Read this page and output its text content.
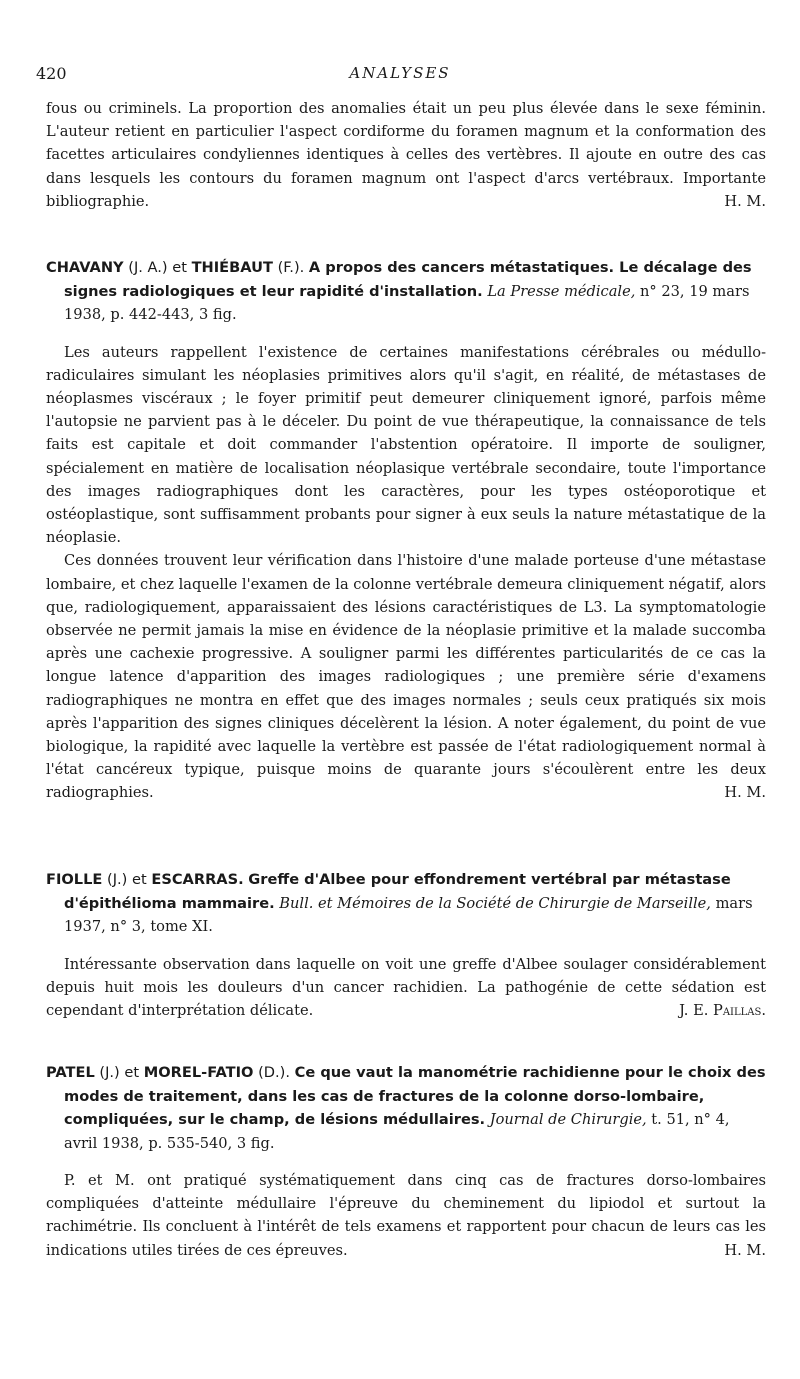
420	ANALYSES

fous ou criminels. La proportion des anomalies était un peu plus élevée dans le sexe féminin. L'auteur retient en particulier l'aspect cordiforme du foramen magnum et la conformation des facettes articulaires condyliennes identiques à celles des vertèbres. Il ajoute en outre des cas dans lesquels les contours du foramen magnum ont l'aspect d'arcs vertébraux. Importante bibliographie.	H. M.

CHAVANY (J. A.) et THIÉBAUT (F.). A propos des cancers métastatiques. Le décalage des signes radiologiques et leur rapidité d'installation. La Presse médicale, n° 23, 19 mars 1938, p. 442-443, 3 fig.

Les auteurs rappellent l'existence de certaines manifestations cérébrales ou médullo-radiculaires simulant les néoplasies primitives alors qu'il s'agit, en réalité, de métastases de néoplasmes viscéraux ; le foyer primitif peut demeurer cliniquement ignoré, parfois même l'autopsie ne parvient pas à le déceler. Du point de vue thérapeutique, la connaissance de tels faits est capitale et doit commander l'abstention opératoire. Il importe de souligner, spécialement en matière de localisation néoplasique vertébrale secondaire, toute l'importance des images radiographiques dont les caractères, pour les types ostéoporotique et ostéoplastique, sont suffisamment probants pour signer à eux seuls la nature métastatique de la néoplasie.

Ces données trouvent leur vérification dans l'histoire d'une malade porteuse d'une métastase lombaire, et chez laquelle l'examen de la colonne vertébrale demeura cliniquement négatif, alors que, radiologiquement, apparaissaient des lésions caractéristiques de L3. La symptomatologie observée ne permit jamais la mise en évidence de la néoplasie primitive et la malade succomba après une cachexie progressive. A souligner parmi les différentes particularités de ce cas la longue latence d'apparition des images radiologiques ; une première série d'examens radiographiques ne montra en effet que des images normales ; seuls ceux pratiqués six mois après l'apparition des signes cliniques décelèrent la lésion. A noter également, du point de vue biologique, la rapidité avec laquelle la vertèbre est passée de l'état radiologiquement normal à l'état cancéreux typique, puisque moins de quarante jours s'écoulèrent entre les deux radiographies.	H. M.

FIOLLE (J.) et ESCARRAS. Greffe d'Albee pour effondrement vertébral par métastase d'épithélioma mammaire. Bull. et Mémoires de la Société de Chirurgie de Marseille, mars 1937, n° 3, tome XI.

Intéressante observation dans laquelle on voit une greffe d'Albee soulager considérablement depuis huit mois les douleurs d'un cancer rachidien. La pathogénie de cette sédation est cependant d'interprétation délicate.	J. E. Paillas.

PATEL (J.) et MOREL-FATIO (D.). Ce que vaut la manométrie rachidienne pour le choix des modes de traitement, dans les cas de fractures de la colonne dorso-lombaire, compliquées, sur le champ, de lésions médullaires. Journal de Chirurgie, t. 51, n° 4, avril 1938, p. 535-540, 3 fig.

P. et M. ont pratiqué systématiquement dans cinq cas de fractures dorso-lombaires compliquées d'atteinte médullaire l'épreuve du cheminement du lipiodol et surtout la rachimétrie. Ils concluent à l'intérêt de tels examens et rapportent pour chacun de leurs cas les indications utiles tirées de ces épreuves.	H. M.
